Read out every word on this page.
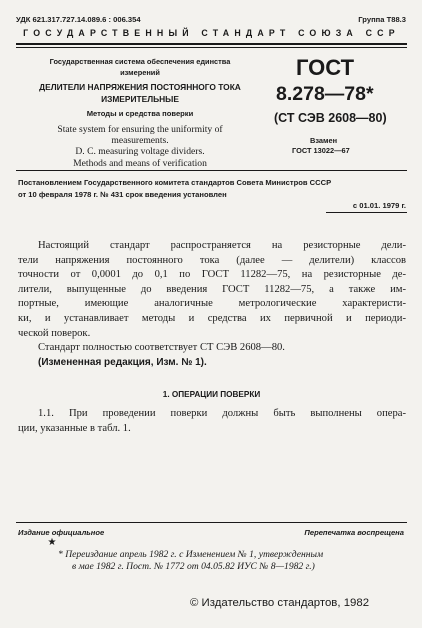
УДК 621.317.727.14.089.6 : 006.354	Группа Т88.3
ГОСУДАРСТВЕННЫЙ СТАНДАРТ СОЮЗА ССР
Государственная система обеспечения единства
измерений
ДЕЛИТЕЛИ НАПРЯЖЕНИЯ ПОСТОЯННОГО ТОКА
ИЗМЕРИТЕЛЬНЫЕ
Методы и средства поверки
State system for ensuring the uniformity of
measurements.
D. C. measuring voltage dividers.
Methods and means of verification
ГОСТ
8.278—78*
(СТ СЭВ 2608—80)
Взамен
ГОСТ 13022—67
Постановлением Государственного комитета стандартов Совета Министров СССР
от 10 февраля 1978 г. № 431 срок введения установлен
с 01.01. 1979 г.
Настоящий стандарт распространяется на резисторные дели-
тели напряжения постоянного тока (далее — делители) классов
точности от 0,0001 до 0,1 по ГОСТ 11282—75, на резисторные де-
лители, выпущенные до введения ГОСТ 11282—75, а также им-
портные, имеющие аналогичные метрологические характеристи-
ки, и устанавливает методы и средства их первичной и периоди-
ческой поверок.
Стандарт полностью соответствует СТ СЭВ 2608—80.
(Измененная редакция, Изм. № 1).
1. ОПЕРАЦИИ ПОВЕРКИ
1.1. При проведении поверки должны быть выполнены опера-
ции, указанные в табл. 1.
Издание официальное	Перепечатка воспрещена
★
* Переиздание апрель 1982 г. с Изменением № 1, утвержденным
в мае 1982 г. Пост. № 1772 от 04.05.82 ИУС № 8—1982 г.)
© Издательство стандартов, 1982
